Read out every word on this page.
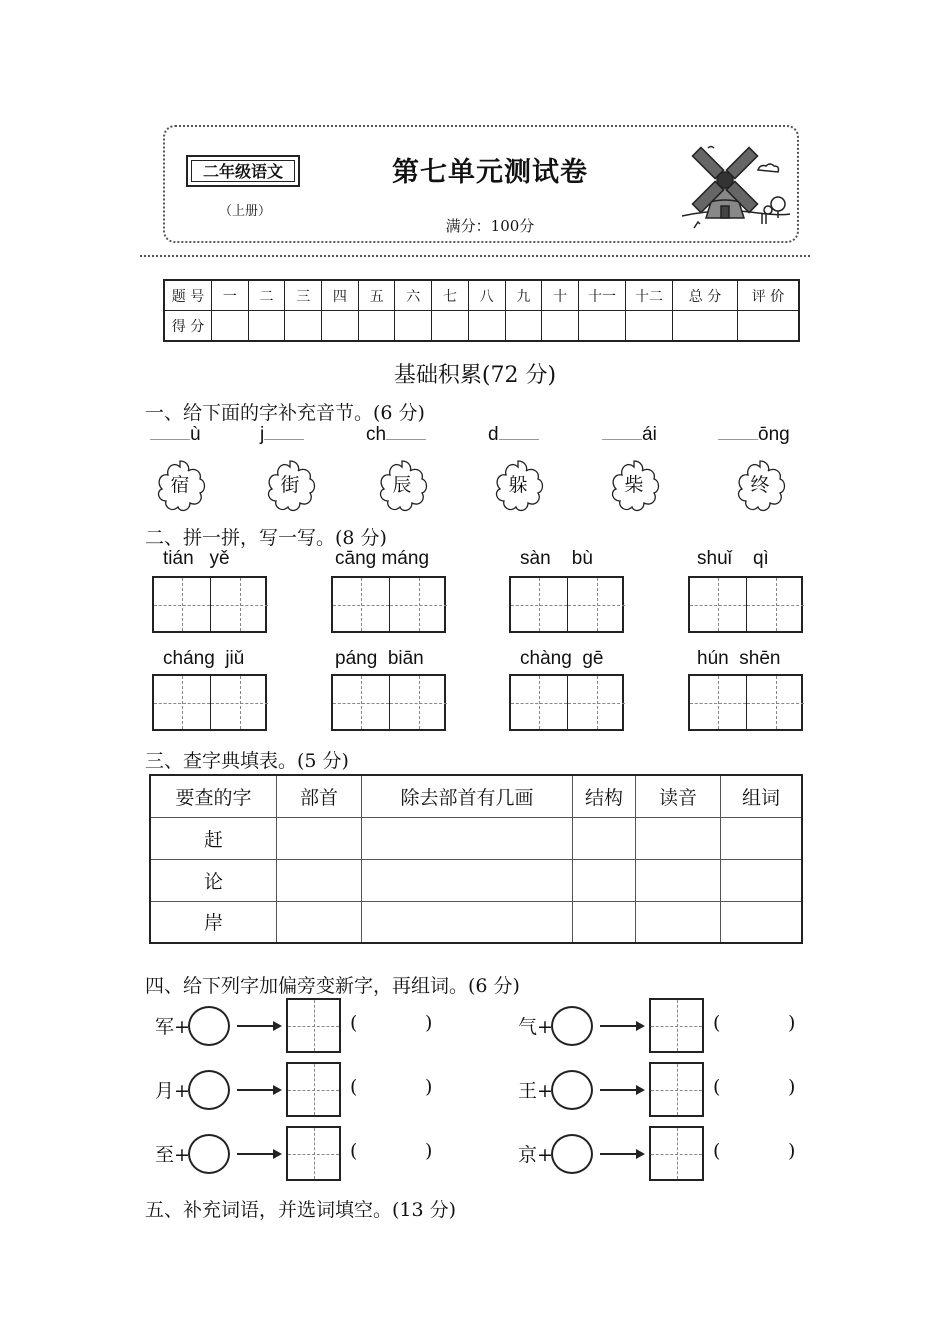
二年级语文
（上册）
第七单元测试卷
满分：100分
题 号	一	二	三	四	五	六	七	八	九	十	十一	十二	总 分	评 价
得 分														
基础积累(72 分)
一、给下面的字补充音节。(6 分)
ù	j	ch	d	ái	ōng
宿	街	辰	躲	柴	终
二、拼一拼，写一写。(8 分)
tián   yě	cāng máng	sàn    bù	shuǐ    qì
cháng  jiǔ	páng  biān	chàng  gē	hún  shēn
三、查字典填表。(5 分)
要查的字	部首	除去部首有几画	结构	读音	组词
赶					
论					
岸					
四、给下列字加偏旁变新字，再组词。(6 分)
军+	(	)
月+	(	)
至+	(	)
气+	(	)
王+	(	)
京+	(	)
五、补充词语，并选词填空。(13 分)
